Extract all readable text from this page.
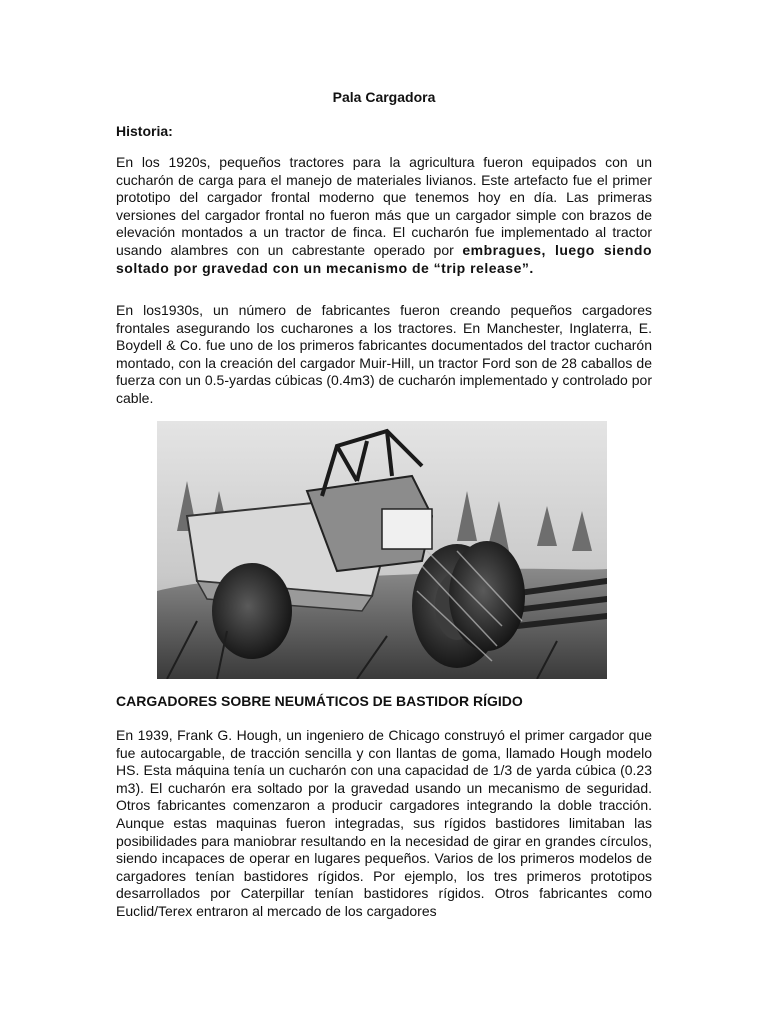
Pala Cargadora
Historia:

En los 1920s, pequeños tractores para la agricultura fueron equipados con un cucharón de carga para el manejo de materiales livianos. Este artefacto fue el primer prototipo del cargador frontal moderno que tenemos hoy en día. Las primeras versiones del cargador frontal no fueron más que un cargador simple con brazos de elevación montados a un tractor de finca. El cucharón fue implementado al tractor usando alambres con un cabrestante operado por embragues, luego siendo soltado por gravedad con un mecanismo de “trip release”.

En los1930s, un número de fabricantes fueron creando pequeños cargadores frontales asegurando los cucharones a los tractores. En Manchester, Inglaterra, E. Boydell & Co. fue uno de los primeros fabricantes documentados del tractor cucharón montado, con la creación del cargador Muir-Hill, un tractor Ford son de 28 caballos de fuerza con un 0.5-yardas cúbicas (0.4m3) de cucharón implementado y controlado por cable.

CARGADORES SOBRE NEUMÁTICOS DE BASTIDOR RÍGIDO

En 1939, Frank G. Hough, un ingeniero de Chicago construyó el primer cargador que fue autocargable, de tracción sencilla y con llantas de goma, llamado Hough modelo HS. Esta máquina tenía un cucharón con una capacidad de 1/3 de yarda cúbica (0.23 m3). El cucharón era soltado por la gravedad usando un mecanismo de seguridad. Otros fabricantes comenzaron a producir cargadores integrando la doble tracción. Aunque estas maquinas fueron integradas, sus rígidos bastidores limitaban las posibilidades para maniobrar resultando en la necesidad de girar en grandes círculos, siendo incapaces de operar en lugares pequeños. Varios de los primeros modelos de cargadores tenían bastidores rígidos. Por ejemplo, los tres primeros prototipos desarrollados por Caterpillar tenían bastidores rígidos. Otros fabricantes como Euclid/Terex entraron al mercado de los cargadores
